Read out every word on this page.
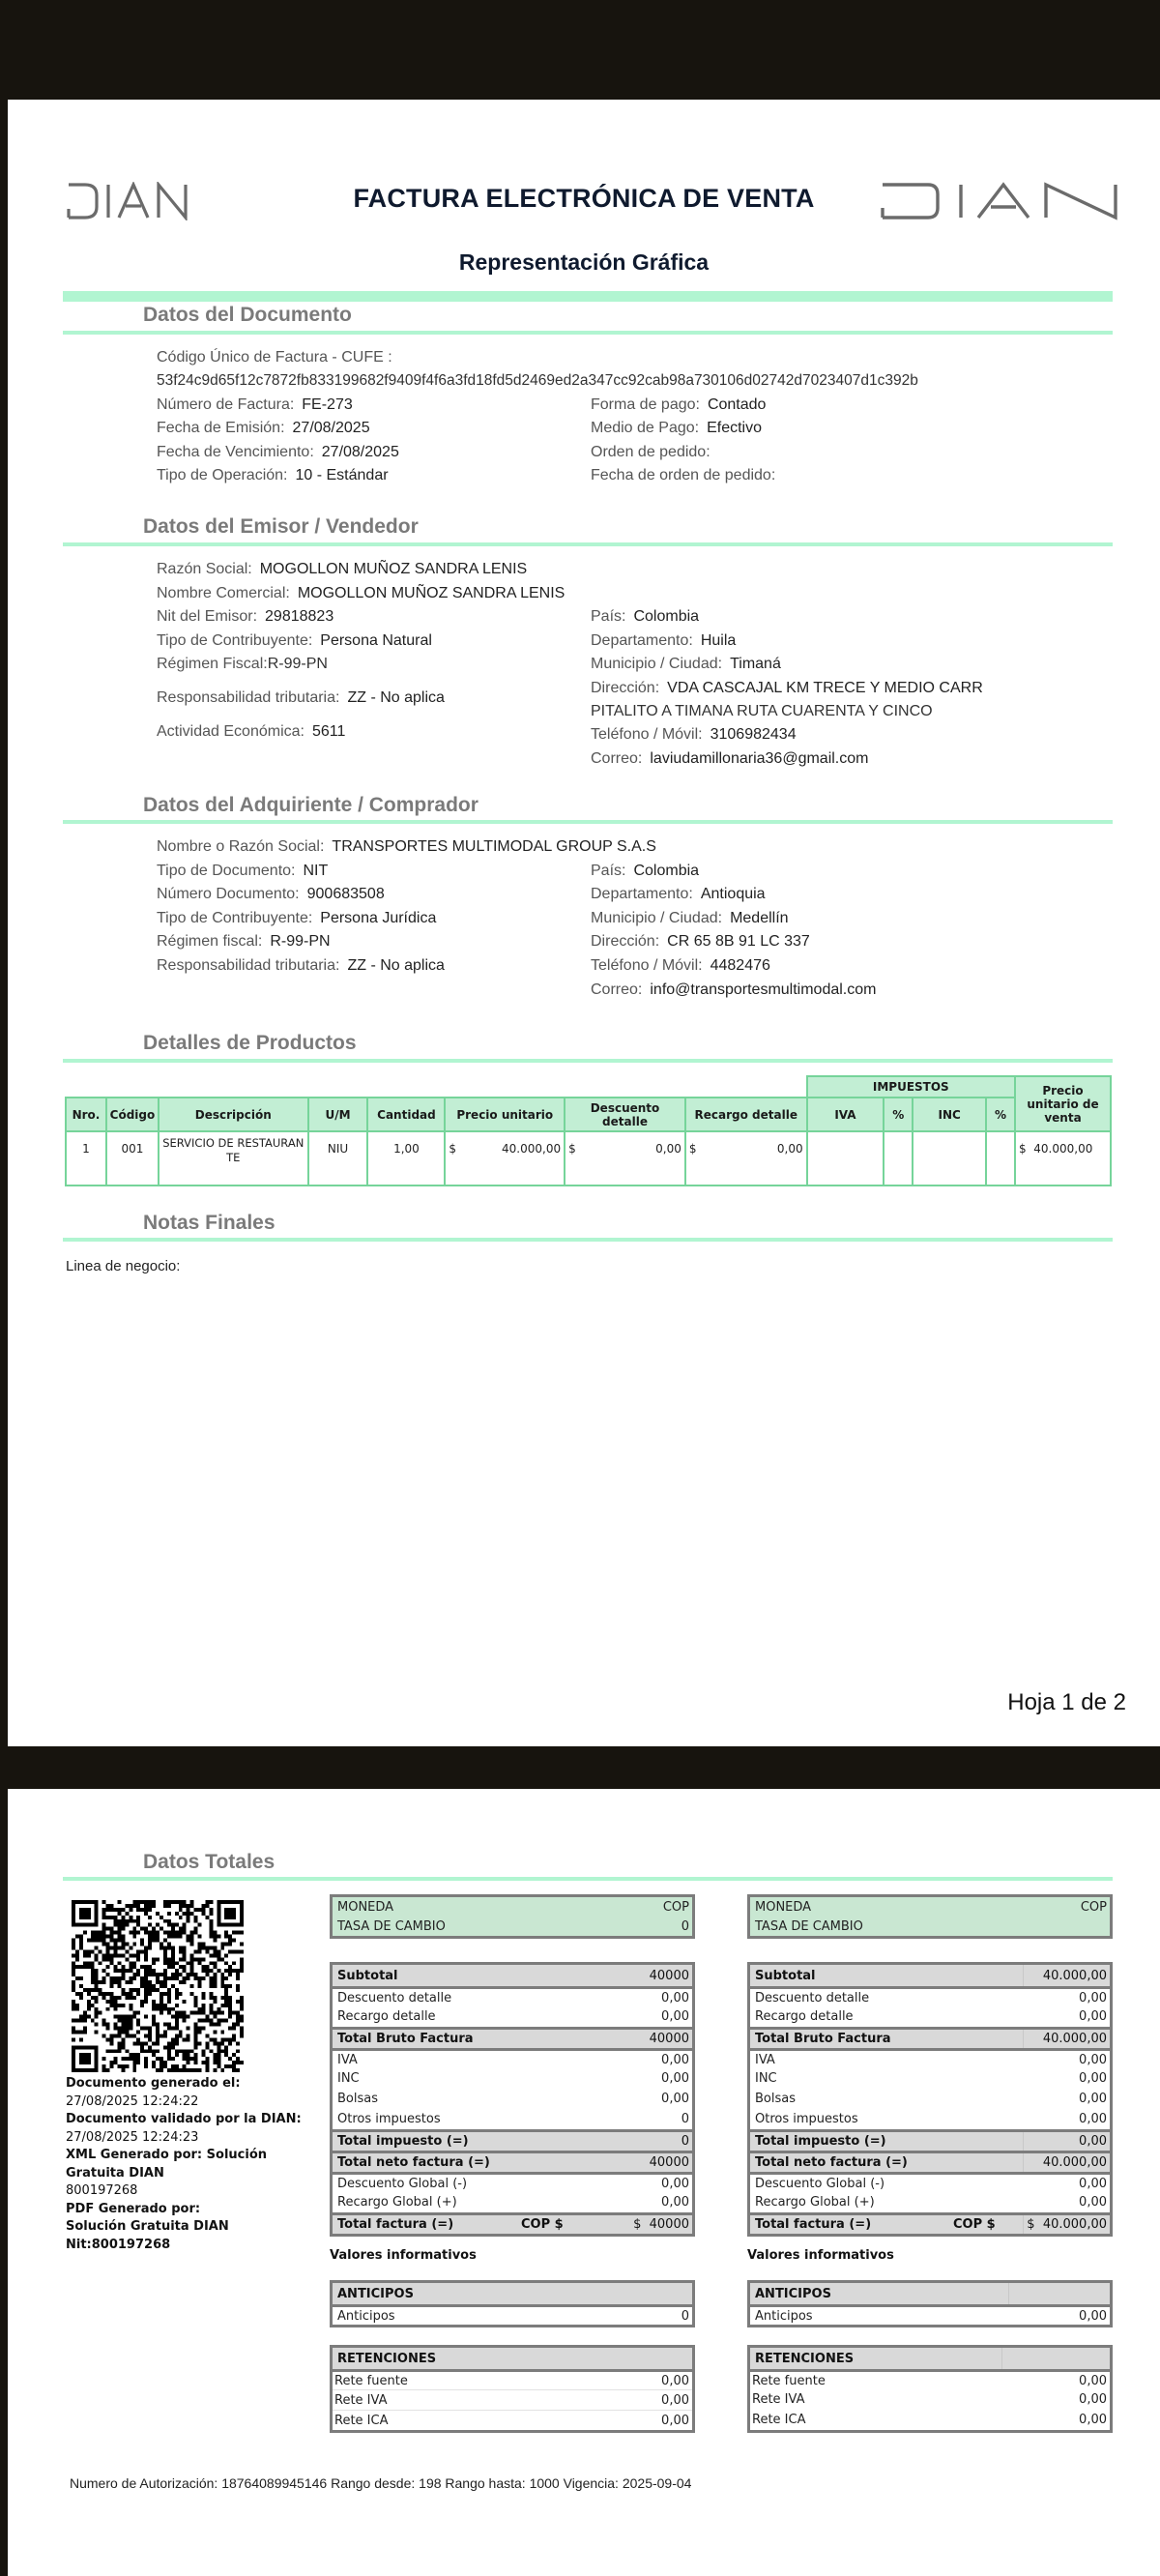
FACTURA ELECTRÓNICA DE VENTA
Representación Gráfica
Datos del Documento
Código Único de Factura - CUFE :
53f24c9d65f12c7872fb833199682f9409f4f6a3fd18fd5d2469ed2a347cc92cab98a730106d02742d7023407d1c392b
Número de Factura: FE-273
Fecha de Emisión: 27/08/2025
Fecha de Vencimiento: 27/08/2025
Tipo de Operación: 10 - Estándar
Forma de pago: Contado
Medio de Pago: Efectivo
Orden de pedido:
Fecha de orden de pedido:
Datos del Emisor / Vendedor
Razón Social: MOGOLLON MUÑOZ SANDRA LENIS
Nombre Comercial: MOGOLLON MUÑOZ SANDRA LENIS
Nit del Emisor: 29818823
Tipo de Contribuyente: Persona Natural
Régimen Fiscal:R-99-PN
Responsabilidad tributaria: ZZ - No aplica
Actividad Económica: 5611
País: Colombia
Departamento: Huila
Municipio / Ciudad: Timaná
Dirección: VDA CASCAJAL KM TRECE Y MEDIO CARR
PITALITO A TIMANA RUTA CUARENTA Y CINCO
Teléfono / Móvil: 3106982434
Correo: laviudamillonaria36@gmail.com
Datos del Adquiriente / Comprador
Nombre o Razón Social: TRANSPORTES MULTIMODAL GROUP S.A.S
Tipo de Documento: NIT
Número Documento: 900683508
Tipo de Contribuyente: Persona Jurídica
Régimen fiscal: R-99-PN
Responsabilidad tributaria: ZZ - No aplica
País: Colombia
Departamento: Antioquia
Municipio / Ciudad: Medellín
Dirección: CR 65 8B 91 LC 337
Teléfono / Móvil: 4482476
Correo: info@transportesmultimodal.com
Detalles de Productos
								IMPUESTOS				Precio unitario de venta
Nro.	Código	Descripción	U/M	Cantidad	Precio unitario	Descuento detalle	Recargo detalle	IVA	%	INC	%	
1	001	SERVICIO DE RESTAURAN TE	NIU	1,00	$ 40.000,00	$ 0,00	$ 0,00					$  40.000,00
Notas Finales
Linea de negocio:
Hoja 1 de 2
Datos Totales
Documento generado el:
27/08/2025 12:24:22
Documento validado por la DIAN:
27/08/2025 12:24:23
XML Generado por: Solución Gratuita DIAN
800197268
PDF Generado por: Solución Gratuita DIAN Nit:800197268
MONEDA	COP
TASA DE CAMBIO	0
Subtotal	40000
Descuento detalle	0,00
Recargo detalle	0,00
Total Bruto Factura	40000
IVA	0,00
INC	0,00
Bolsas	0,00
Otros impuestos	0
Total impuesto (=)	0
Total neto factura (=)	40000
Descuento Global (-)	0,00
Recargo Global (+)	0,00
Total factura (=)	COP $	$  40000
Valores informativos
ANTICIPOS
Anticipos	0
RETENCIONES
Rete fuente	0,00
Rete IVA	0,00
Rete ICA	0,00
MONEDA	COP
TASA DE CAMBIO
Subtotal	40.000,00
Descuento detalle	0,00
Recargo detalle	0,00
Total Bruto Factura	40.000,00
IVA	0,00
INC	0,00
Bolsas	0,00
Otros impuestos	0,00
Total impuesto (=)	0,00
Total neto factura (=)	40.000,00
Descuento Global (-)	0,00
Recargo Global (+)	0,00
Total factura (=)	COP $	$  40.000,00
Valores informativos
ANTICIPOS
Anticipos	0,00
RETENCIONES
Rete fuente	0,00
Rete IVA	0,00
Rete ICA	0,00
Numero de Autorización: 18764089945146 Rango desde: 198 Rango hasta: 1000 Vigencia: 2025-09-04
